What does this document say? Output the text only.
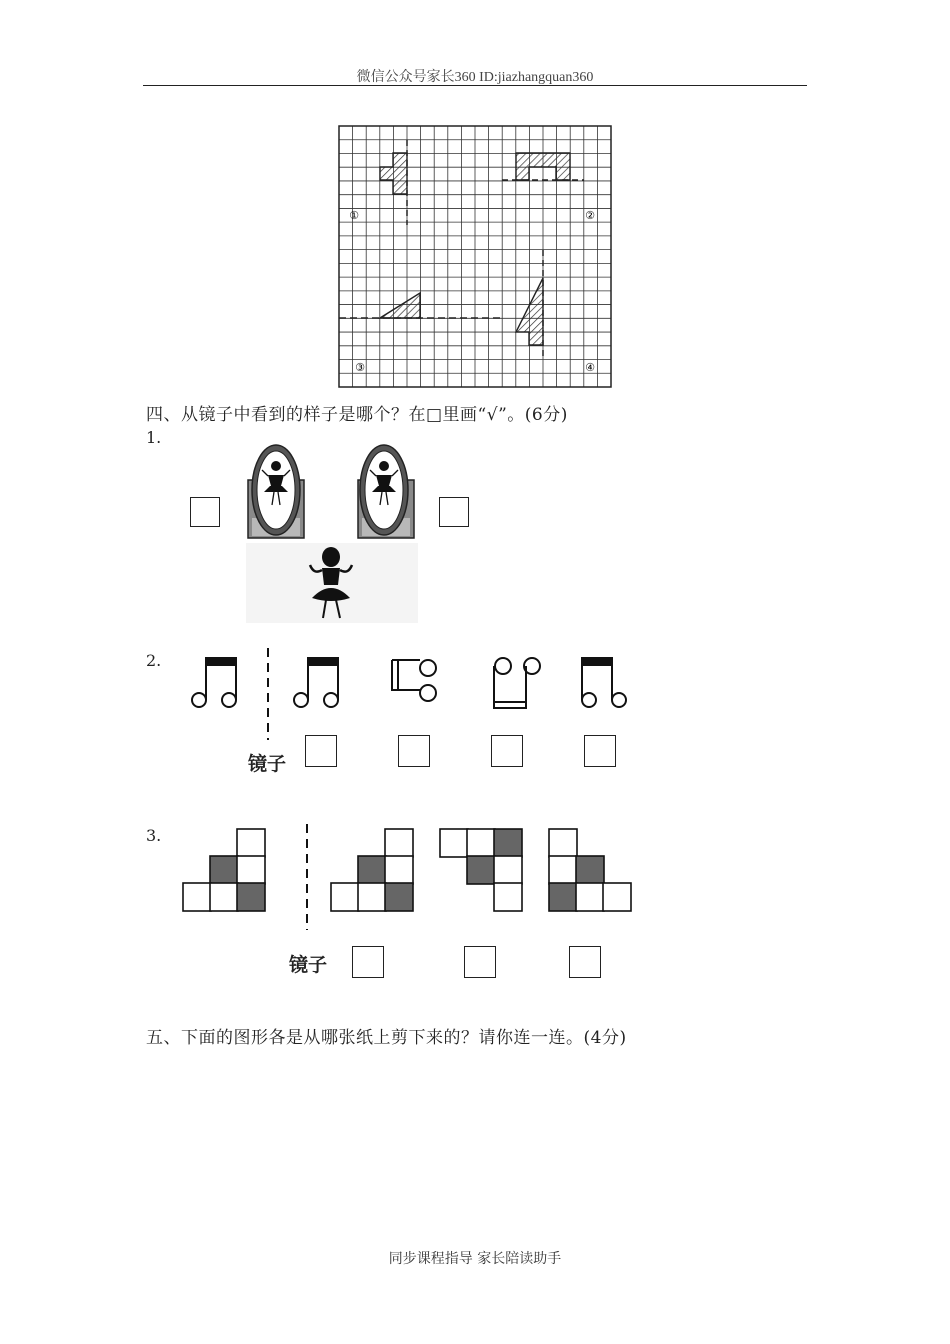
微信公众号家长360 ID:jiazhangquan360
①	②
③	④
四、从镜子中看到的样子是哪个？在□里画“√”。(6分)
1.
2.
镜子
3.
镜子
五、下面的图形各是从哪张纸上剪下来的？请你连一连。(4分)
同步课程指导 家长陪读助手
